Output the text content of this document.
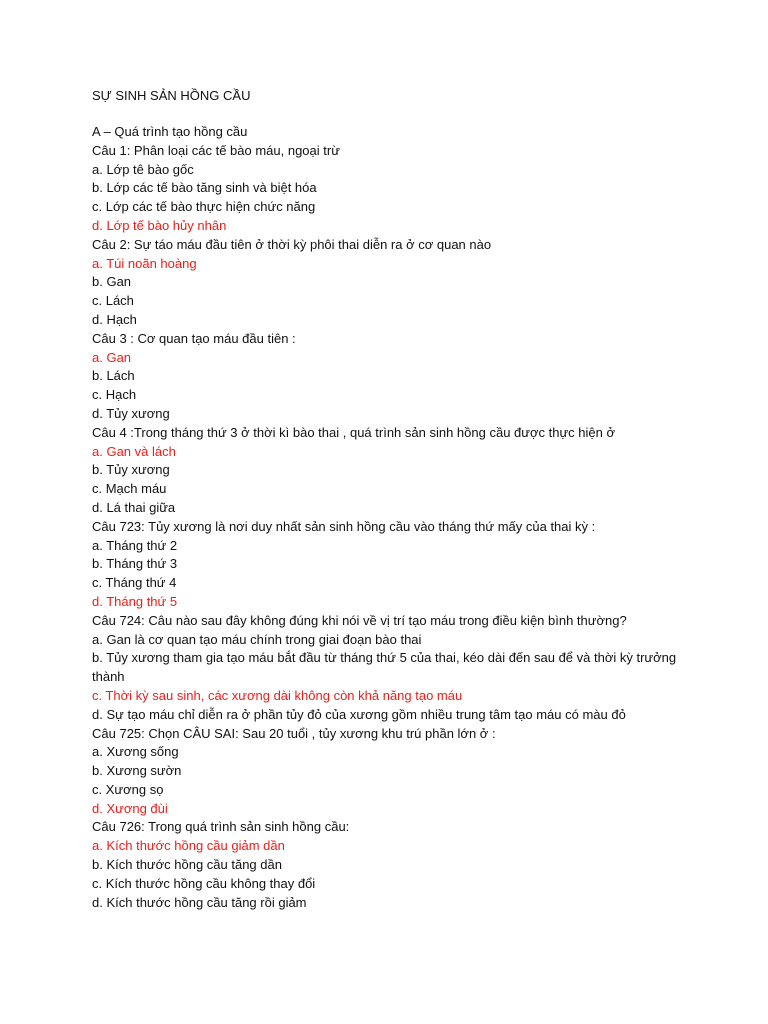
SỰ SINH SẢN HỒNG CẦU
A – Quá trình tạo hồng cầu
Câu 1: Phân loại các tế bào máu, ngoại trừ
a. Lớp tê bào gốc
b. Lớp các tế bào tăng sinh và biệt hóa
c. Lớp các tế bào thực hiện chức năng
d. Lớp tế bào hủy nhân
Câu 2: Sự táo máu đầu tiên ở thời kỳ phôi thai diễn ra ở cơ quan nào
a. Túi noãn hoàng
b. Gan
c. Lách
d. Hạch
Câu 3 : Cơ quan tạo máu đầu tiên :
a. Gan
b. Lách
c. Hạch
d. Tủy xương
Câu 4 :Trong tháng thứ 3 ở thời kì bào thai , quá trình sản sinh hồng cầu được thực hiện ở
a. Gan và lách
b. Tủy xương
c. Mạch máu
d. Lá thai giữa
Câu 723: Tủy xương là nơi duy nhất sản sinh hồng cầu vào tháng thứ mấy của thai kỳ :
a. Tháng thứ 2
b. Tháng thứ 3
c. Tháng thứ 4
d. Tháng thứ 5
Câu 724: Câu nào sau đây không đúng khi nói về vị trí tạo máu trong điều kiện bình thường?
a. Gan là cơ quan tạo máu chính trong giai đoạn bào thai
b. Tủy xương tham gia tạo máu bắt đầu từ tháng thứ 5 của thai, kéo dài đến sau để và thời kỳ trưởng thành
c. Thời kỳ sau sinh, các xương dài không còn khả năng tạo máu
d. Sự tạo máu chỉ diễn ra ở phần tủy đỏ của xương gồm nhiều trung tâm tạo máu có màu đỏ
Câu 725: Chọn CÂU SAI: Sau 20 tuổi , tủy xương khu trú phần lớn ở :
a. Xương sống
b. Xương sườn
c. Xương sọ
d. Xương đùi
Câu 726: Trong quá trình sản sinh hồng cầu:
a. Kích thước hồng cầu giảm dần
b. Kích thước hồng cầu tăng dần
c. Kích thước hồng cầu không thay đổi
d. Kích thước hồng cầu tăng rồi giảm
